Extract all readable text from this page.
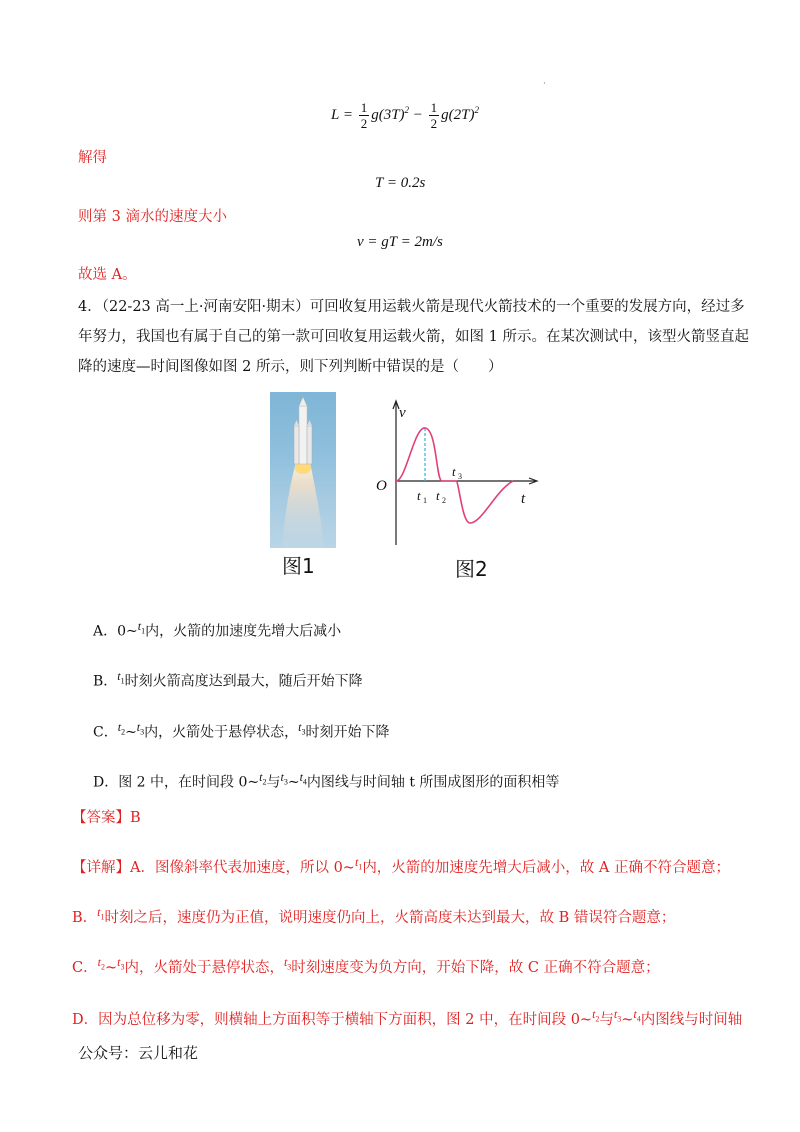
·
$L = \frac{1}{2} g(3T)^2 - \frac{1}{2} g(2T)^2$
解得
T = 0.2s
则第 3 滴水的速度大小
v = gT = 2m/s
故选 A。
4．（22-23 高一上·河南安阳·期末）可回收复用运载火箭是现代火箭技术的一个重要的发展方向，经过多
年努力，我国也有属于自己的第一款可回收复用运载火箭，如图 1 所示。在某次测试中，该型火箭竖直起
降的速度—时间图像如图 2 所示，则下列判断中错误的是（　　）
图1
v
O
t
t 1 t 2
t 3
图2
A．0~$^{t_1}$内，火箭的加速度先增大后减小
B．$^{t_1}$时刻火箭高度达到最大，随后开始下降
C．$^{t_2}$~$^{t_3}$内，火箭处于悬停状态，$^{t_3}$时刻开始下降
D．图 2 中，在时间段 0~$^{t_2}$与$^{t_3}$~$^{t_4}$内图线与时间轴 t 所围成图形的面积相等
【答案】B
【详解】A．图像斜率代表加速度，所以 0~$^{t_1}$内，火箭的加速度先增大后减小，故 A 正确不符合题意；
B．$^{t_1}$时刻之后，速度仍为正值，说明速度仍向上，火箭高度未达到最大，故 B 错误符合题意；
C．$^{t_2}$~$^{t_3}$内，火箭处于悬停状态，$^{t_3}$时刻速度变为负方向，开始下降，故 C 正确不符合题意；
D．因为总位移为零，则横轴上方面积等于横轴下方面积，图 2 中，在时间段 0~$^{t_2}$与$^{t_3}$~$^{t_4}$内图线与时间轴
公众号：云儿和花
